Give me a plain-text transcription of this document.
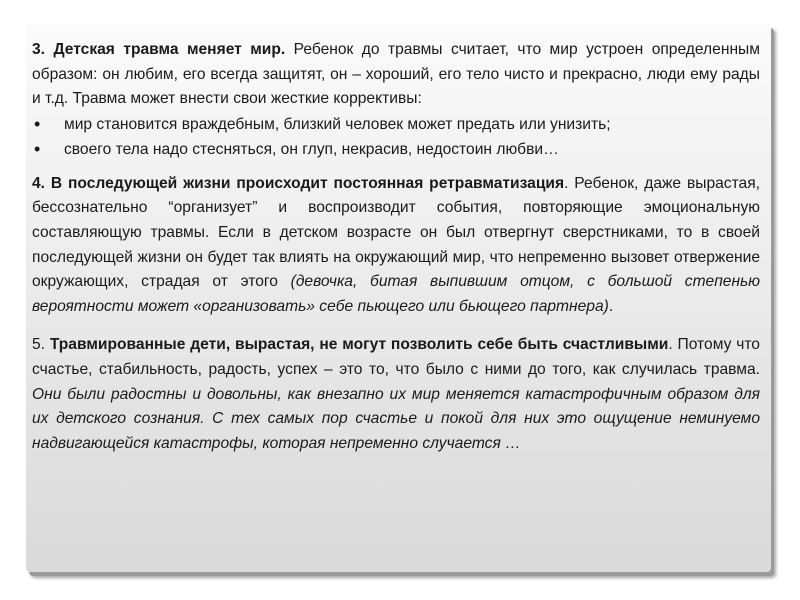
3. Детская травма меняет мир. Ребенок до травмы считает, что мир устроен определенным образом: он любим, его всегда защитят, он – хороший, его тело чисто и прекрасно, люди ему рады и т.д. Травма может внести свои жесткие коррективы:

• мир становится враждебным, близкий человек может предать или унизить;
• своего тела надо стесняться, он глуп, некрасив, недостоин любви…

4. В последующей жизни происходит постоянная ретравматизация. Ребенок, даже вырастая, бессознательно “организует” и воспроизводит события, повторяющие эмоциональную составляющую травмы. Если в детском возрасте он был отвергнут сверстниками, то в своей последующей жизни он будет так влиять на окружающий мир, что непременно вызовет отвержение окружающих, страдая от этого (девочка, битая выпившим отцом, с большой степенью вероятности может «организовать» себе пьющего или бьющего партнера).

5. Травмированные дети, вырастая, не могут позволить себе быть счастливыми. Потому что счастье, стабильность, радость, успех – это то, что было с ними до того, как случилась травма. Они были радостны и довольны, как внезапно их мир меняется катастрофичным образом для их детского сознания. С тех самых пор счастье и покой для них это ощущение неминуемо надвигающейся катастрофы, которая непременно случается …
